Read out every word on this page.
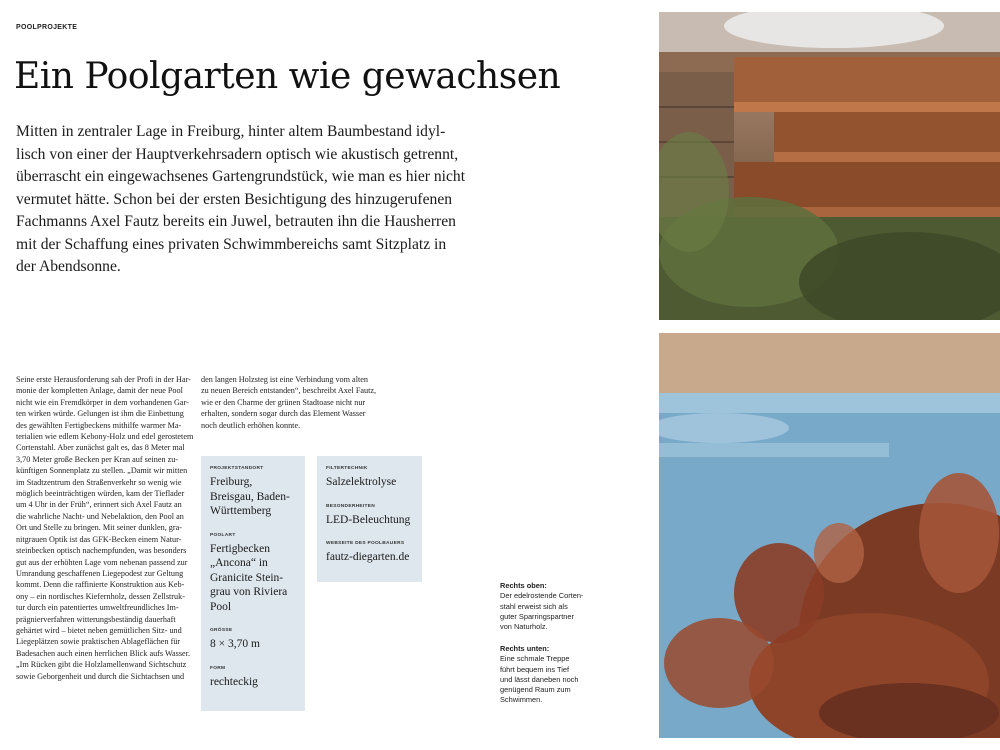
POOLPROJEKTE
Ein Poolgarten wie gewachsen

Mitten in zentraler Lage in Freiburg, hinter altem Baumbestand idyl-
lisch von einer der Hauptverkehrsadern optisch wie akustisch getrennt,
überrascht ein eingewachsenes Gartengrundstück, wie man es hier nicht
vermutet hätte. Schon bei der ersten Besichtigung des hinzugerufenen
Fachmanns Axel Fautz bereits ein Juwel, betrauten ihn die Hausherren
mit der Schaffung eines privaten Schwimmbereichs samt Sitzplatz in
der Abendsonne.

Seine erste Herausforderung sah der Profi in der Har-
monie der kompletten Anlage, damit der neue Pool
nicht wie ein Fremdkörper in dem vorhandenen Gar-
ten wirken würde. Gelungen ist ihm die Einbettung
des gewählten Fertigbeckens mithilfe warmer Ma-
terialien wie edlem Kebony-Holz und edel gerostetem
Cortenstahl. Aber zunächst galt es, das 8 Meter mal
3,70 Meter große Becken per Kran auf seinen zu-
künftigen Sonnenplatz zu stellen. „Damit wir mitten
im Stadtzentrum den Straßenverkehr so wenig wie
möglich beeinträchtigen würden, kam der Tieflader
um 4 Uhr in der Früh“, erinnert sich Axel Fautz an
die wahrliche Nacht- und Nebelaktion, den Pool an
Ort und Stelle zu bringen. Mit seiner dunklen, gra-
nitgrauen Optik ist das GFK-Becken einem Natur-
steinbecken optisch nachempfunden, was besonders
gut aus der erhöhten Lage vom nebenan passend zur
Umrandung geschaffenen Liegepodest zur Geltung
kommt. Denn die raffinierte Konstruktion aus Keb-
ony – ein nordisches Kiefernholz, dessen Zellstruk-
tur durch ein patentiertes umweltfreundliches Im-
prägnierverfahren witterungsbeständig dauerhaft
gehärtet wird – bietet neben gemütlichen Sitz- und
Liegeplätzen sowie praktischen Ablageflächen für
Badesachen auch einen herrlichen Blick aufs Wasser.
„Im Rücken gibt die Holzlamellenwand Sichtschutz
sowie Geborgenheit und durch die Sichtachsen und
den langen Holzsteg ist eine Verbindung vom alten
zu neuen Bereich entstanden“, beschreibt Axel Fautz,
wie er den Charme der grünen Stadtoase nicht nur
erhalten, sondern sogar durch das Element Wasser
noch deutlich erhöhen konnte.
PROJEKTSTANDORT
Freiburg,
Breisgau, Baden-
Württemberg
POOLART
Fertigbecken
„Ancona“ in
Granicite Stein-
grau von Riviera
Pool
GRÖSSE
8 × 3,70 m
FORM
rechteckig
FILTERTECHNIK
Salzelektrolyse
BESONDERHEITEN
LED-Beleuchtung
WEBSEITE DES POOLBAUERS
fautz-diegarten.de
Rechts oben:
Der edelrostende Corten-
stahl erweist sich als
guter Sparringspartner
von Naturholz.
Rechts unten:
Eine schmale Treppe
führt bequem ins Tief
und lässt daneben noch
genügend Raum zum
Schwimmen.
